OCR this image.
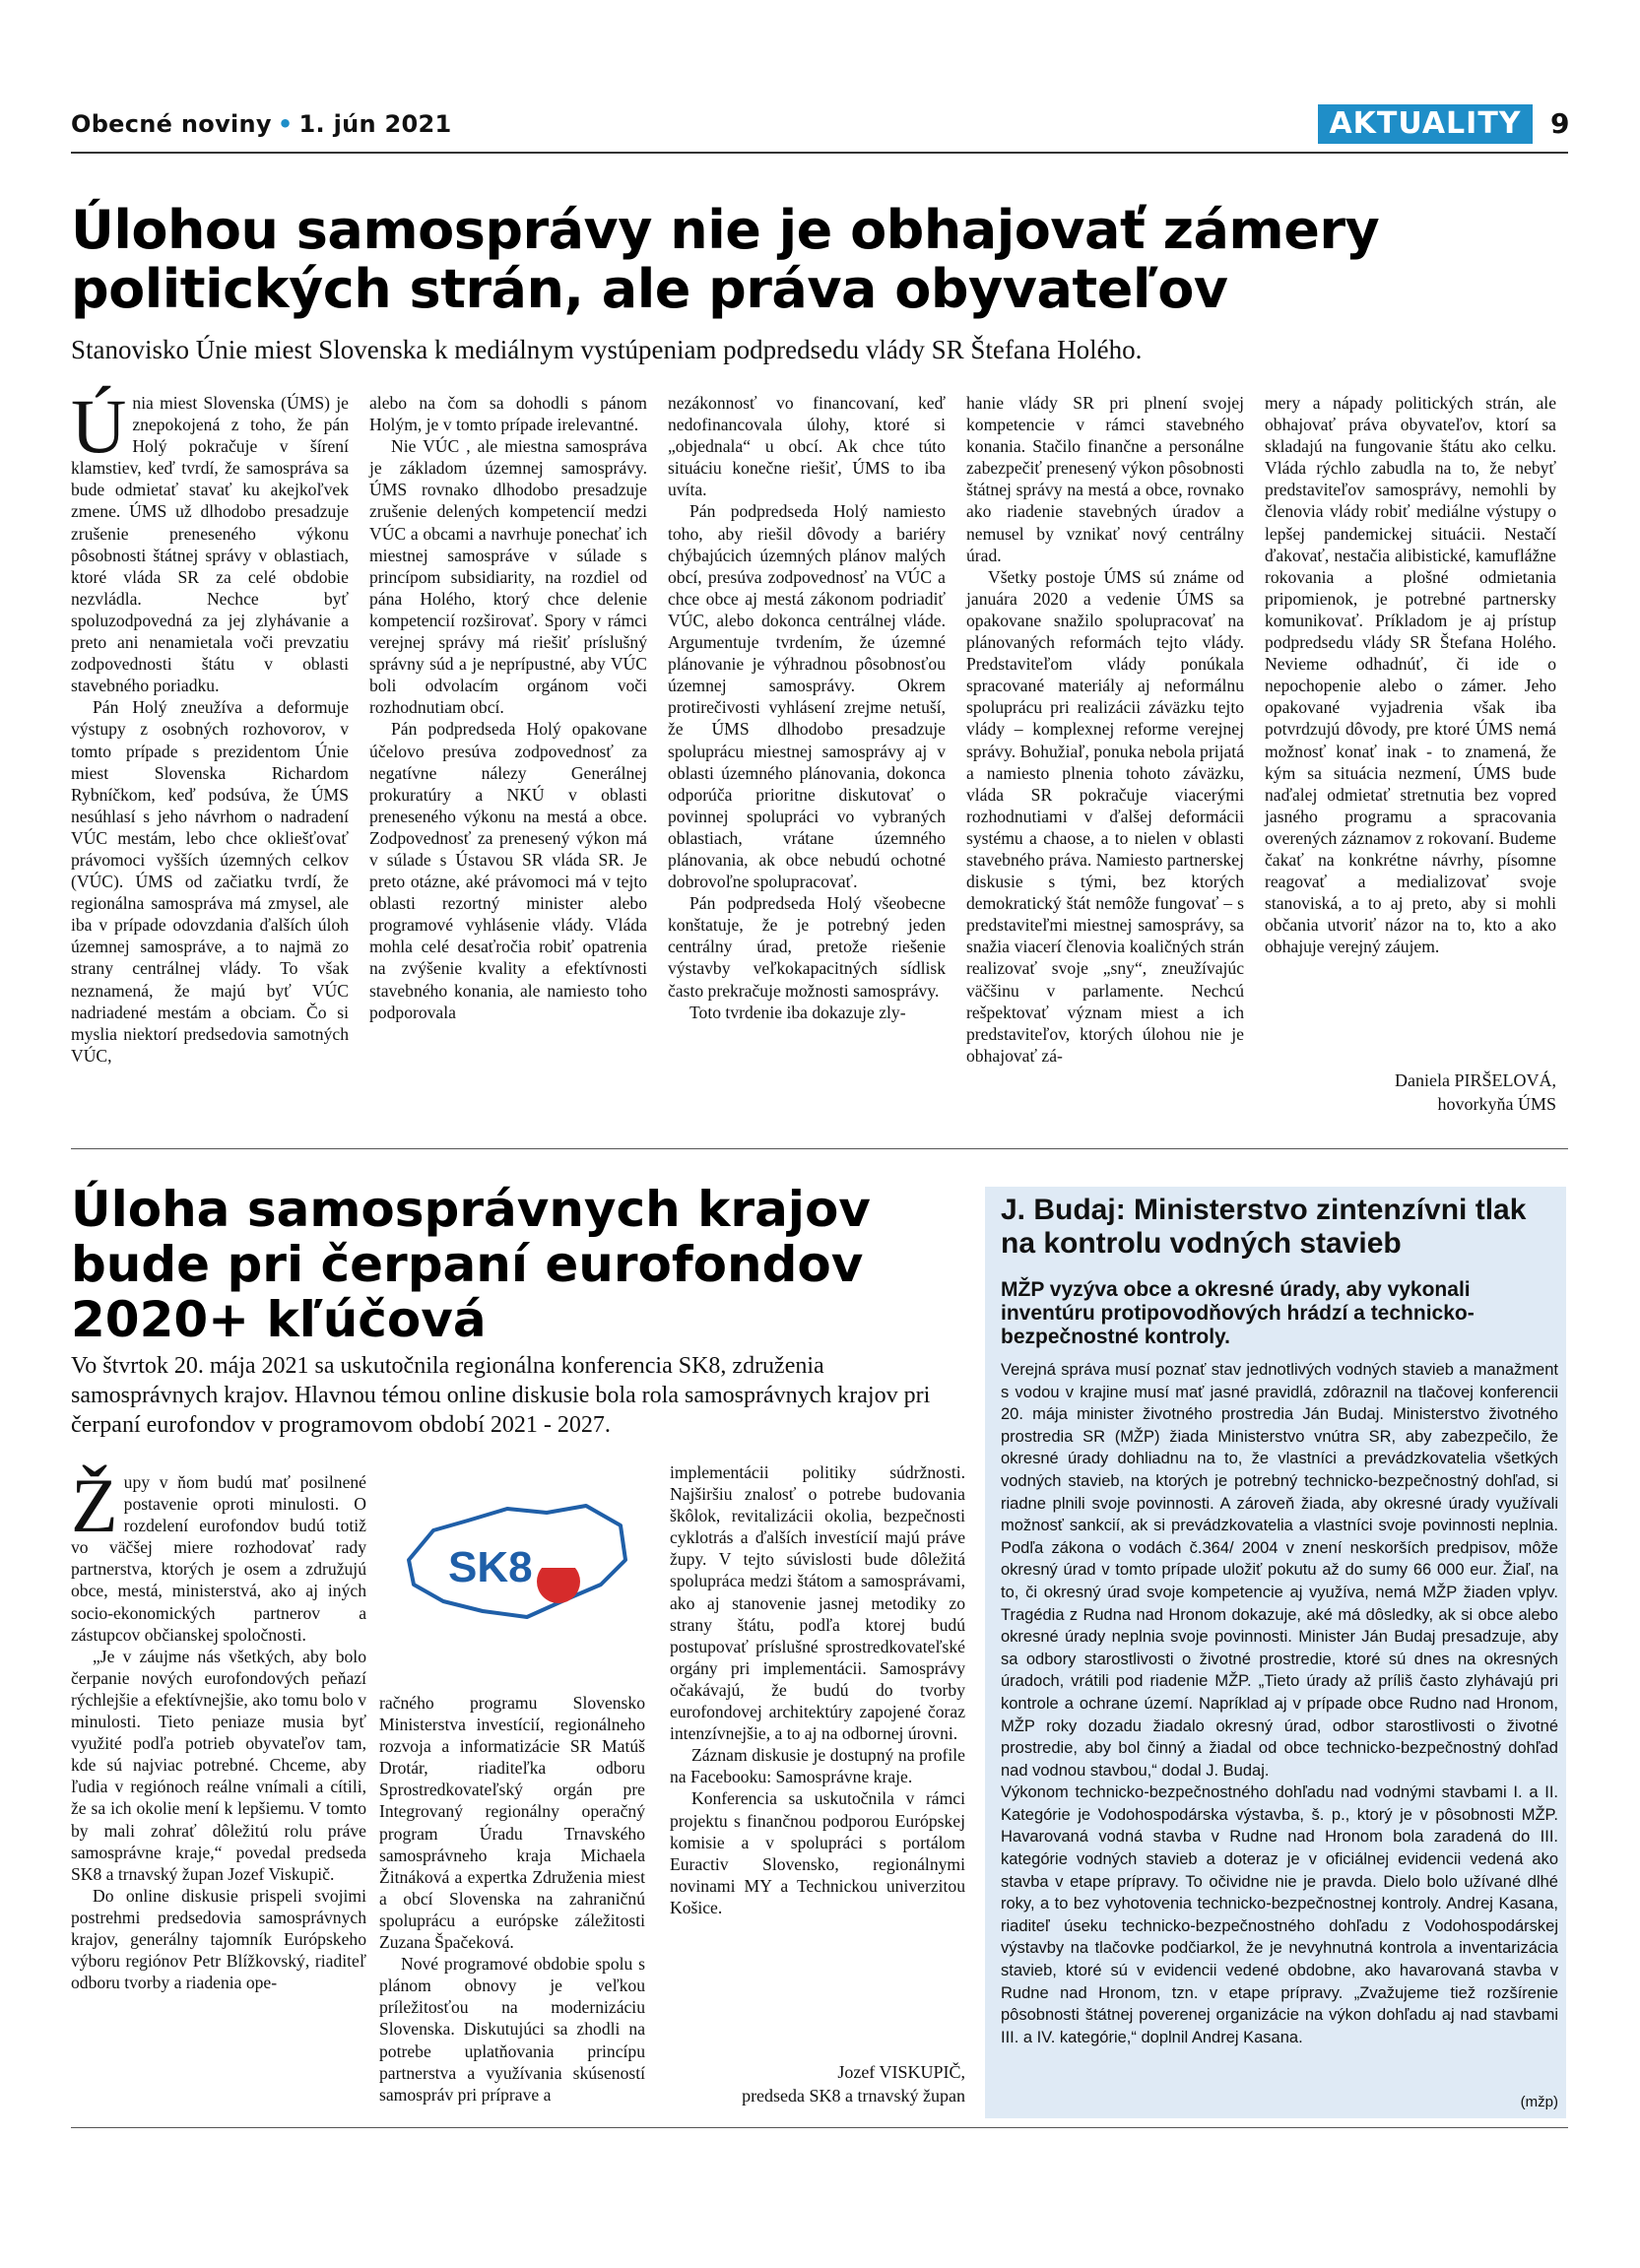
Obecné noviny • 1. jún 2021	AKTUALITY	9
Úlohou samosprávy nie je obhajovať zámery politických strán, ale práva obyvateľov
Stanovisko Únie miest Slovenska k mediálnym vystúpeniam podpredsedu vlády SR Štefana Holého.
Ú nia miest Slovenska (ÚMS) je znepokojená z toho, že pán Holý pokračuje v šírení klamstiev, keď tvrdí, že samospráva sa bude odmietať stavať ku akejkoľvek zmene. ÚMS už dlhodobo presadzuje zrušenie preneseného výkonu pôsobnosti štátnej správy v oblastiach, ktoré vláda SR za celé obdobie nezvládla. Nechce byť spoluzodpovedná za jej zlyhávanie a preto ani nenamietala voči prevzatiu zodpovednosti štátu v oblasti stavebného poriadku.

Pán Holý zneužíva a deformuje výstupy z osobných rozhovorov, v tomto prípade s prezidentom Únie miest Slovenska Richardom Rybníčkom, keď podsúva, že ÚMS nesúhlasí s jeho návrhom o nadradení VÚC mestám, lebo chce okliešťovať právomoci vyšších územných celkov (VÚC). ÚMS od začiatku tvrdí, že regionálna samospráva má zmysel, ale iba v prípade odovzdania ďalších úloh územnej samospráve, a to najmä zo strany centrálnej vlády. To však neznamená, že majú byť VÚC nadriadené mestám a obciam. Čo si myslia niektorí predsedovia samotných VÚC,

alebo na čom sa dohodli s pánom Holým, je v tomto prípade irelevantné.

Nie VÚC , ale miestna samospráva je základom územnej samosprávy. ÚMS rovnako dlhodobo presadzuje zrušenie delených kompetencií medzi VÚC a obcami a navrhuje ponechať ich miestnej samospráve v súlade s princípom subsidiarity, na rozdiel od pána Holého, ktorý chce delenie kompetencií rozširovať. Spory v rámci verejnej správy má riešiť príslušný správny súd a je neprípustné, aby VÚC boli odvolacím orgánom voči rozhodnutiam obcí.

Pán podpredseda Holý opakovane účelovo presúva zodpovednosť za negatívne nálezy Generálnej prokuratúry a NKÚ v oblasti preneseného výkonu na mestá a obce. Zodpovednosť za prenesený výkon má v súlade s Ústavou SR vláda SR. Je preto otázne, aké právomoci má v tejto oblasti rezortný minister alebo programové vyhlásenie vlády. Vláda mohla celé desaťročia robiť opatrenia na zvýšenie kvality a efektívnosti stavebného konania, ale namiesto toho podporovala

nezákonnosť vo financovaní, keď nedofinancovala úlohy, ktoré si „objednala“ u obcí. Ak chce túto situáciu konečne riešiť, ÚMS to iba uvíta.

Pán podpredseda Holý namiesto toho, aby riešil dôvody a bariéry chýbajúcich územných plánov malých obcí, presúva zodpovednosť na VÚC a chce obce aj mestá zákonom podriadiť VÚC, alebo dokonca centrálnej vláde. Argumentuje tvrdením, že územné plánovanie je výhradnou pôsobnosťou územnej samosprávy. Okrem protirečivosti vyhlásení zrejme netuší, že ÚMS dlhodobo presadzuje spoluprácu miestnej samosprávy aj v oblasti územného plánovania, dokonca odporúča prioritne diskutovať o povinnej spolupráci vo vybraných oblastiach, vrátane územného plánovania, ak obce nebudú ochotné dobrovoľne spolupracovať.

Pán podpredseda Holý všeobecne konštatuje, že je potrebný jeden centrálny úrad, pretože riešenie výstavby veľkokapacitných sídlisk často prekračuje možnosti samosprávy.

Toto tvrdenie iba dokazuje zly-

hanie vlády SR pri plnení svojej kompetencie v rámci stavebného konania. Stačilo finančne a personálne zabezpečiť prenesený výkon pôsobnosti štátnej správy na mestá a obce, rovnako ako riadenie stavebných úradov a nemusel by vznikať nový centrálny úrad.

Všetky postoje ÚMS sú známe od januára 2020 a vedenie ÚMS sa opakovane snažilo spolupracovať na plánovaných reformách tejto vlády. Predstaviteľom vlády ponúkala spracované materiály aj neformálnu spoluprácu pri realizácii záväzku tejto vlády – komplexnej reforme verejnej správy. Bohužiaľ, ponuka nebola prijatá a namiesto plnenia tohoto záväzku, vláda SR pokračuje viacerými rozhodnutiami v ďalšej deformácii systému a chaose, a to nielen v oblasti stavebného práva. Namiesto partnerskej diskusie s tými, bez ktorých demokratický štát nemôže fungovať – s predstaviteľmi miestnej samosprávy, sa snažia viacerí členovia koaličných strán realizovať svoje „sny“, zneužívajúc väčšinu v parlamente. Nechcú rešpektovať význam miest a ich predstaviteľov, ktorých úlohou nie je obhajovať zá-

mery a nápady politických strán, ale obhajovať práva obyvateľov, ktorí sa skladajú na fungovanie štátu ako celku. Vláda rýchlo zabudla na to, že nebyť predstaviteľov samosprávy, nemohli by členovia vlády robiť mediálne výstupy o lepšej pandemickej situácii. Nestačí ďakovať, nestačia alibistické, kamuflážne rokovania a plošné odmietania pripomienok, je potrebné partnersky komunikovať. Príkladom je aj prístup podpredsedu vlády SR Štefana Holého. Nevieme odhadnúť, či ide o nepochopenie alebo o zámer. Jeho opakované vyjadrenia však iba potvrdzujú dôvody, pre ktoré ÚMS nemá možnosť konať inak - to znamená, že kým sa situácia nezmení, ÚMS bude naďalej odmietať stretnutia bez vopred jasného programu a spracovania overených záznamov z rokovaní. Budeme čakať na konkrétne návrhy, písomne reagovať a medializovať svoje stanoviská, a to aj preto, aby si mohli občania utvoriť názor na to, kto a ako obhajuje verejný záujem.

Daniela PIRŠELOVÁ,
hovorkyňa ÚMS
Úloha samosprávnych krajov bude pri čerpaní eurofondov 2020+ kľúčová
Vo štvrtok 20. mája 2021 sa uskutočnila regionálna konferencia SK8, združenia samosprávnych krajov. Hlavnou témou online diskusie bola rola samosprávnych krajov pri čerpaní eurofondov v programovom období 2021 - 2027.
Ž upy v ňom budú mať posilnené postavenie oproti minulosti. O rozdelení eurofondov budú totiž vo väčšej miere rozhodovať rady partnerstva, ktorých je osem a združujú obce, mestá, ministerstvá, ako aj iných socio-ekonomických partnerov a zástupcov občianskej spoločnosti.

„Je v záujme nás všetkých, aby bolo čerpanie nových eurofondových peňazí rýchlejšie a efektívnejšie, ako tomu bolo v minulosti. Tieto peniaze musia byť využité podľa potrieb obyvateľov tam, kde sú najviac potrebné. Chceme, aby ľudia v regiónoch reálne vnímali a cítili, že sa ich okolie mení k lepšiemu. V tomto by mali zohrať dôležitú rolu práve samosprávne kraje,“ povedal predseda SK8 a trnavský župan Jozef Viskupič.

Do online diskusie prispeli svojimi postrehmi predsedovia samosprávnych krajov, generálny tajomník Európskeho výboru regiónov Petr Blížkovský, riaditeľ odboru tvorby a riadenia ope-

SK8

račného programu Slovensko Ministerstva investícií, regionálneho rozvoja a informatizácie SR Matúš Drotár, riaditeľka odboru Sprostredkovateľský orgán pre Integrovaný regionálny operačný program Úradu Trnavského samosprávneho kraja Michaela Žitnáková a expertka Združenia miest a obcí Slovenska na zahraničnú spoluprácu a európske záležitosti Zuzana Špačeková.

Nové programové obdobie spolu s plánom obnovy je veľkou príležitosťou na modernizáciu Slovenska. Diskutujúci sa zhodli na potrebe uplatňovania princípu partnerstva a využívania skúseností samospráv pri príprave a

implementácii politiky súdržnosti. Najširšiu znalosť o potrebe budovania škôlok, revitalizácii okolia, bezpečnosti cyklotrás a ďalších investícií majú práve župy. V tejto súvislosti bude dôležitá spolupráca medzi štátom a samosprávami, ako aj stanovenie jasnej metodiky zo strany štátu, podľa ktorej budú postupovať príslušné sprostredkovateľské orgány pri implementácii. Samosprávy očakávajú, že budú do tvorby eurofondovej architektúry zapojené čoraz intenzívnejšie, a to aj na odbornej úrovni.

Záznam diskusie je dostupný na profile na Facebooku: Samosprávne kraje.

Konferencia sa uskutočnila v rámci projektu s finančnou podporou Európskej komisie a v spolupráci s portálom Euractiv Slovensko, regionálnymi novinami MY a Technickou univerzitou Košice.

Jozef VISKUPIČ,
predseda SK8 a trnavský župan
J. Budaj: Ministerstvo zintenzívni tlak na kontrolu vodných stavieb
MŽP vyzýva obce a okresné úrady, aby vykonali inventúru protipovodňových hrádzí a technicko-bezpečnostné kontroly.

Verejná správa musí poznať stav jednotlivých vodných stavieb a manažment s vodou v krajine musí mať jasné pravidlá, zdôraznil na tlačovej konferencii 20. mája minister životného prostredia Ján Budaj. Ministerstvo životného prostredia SR (MŽP) žiada Ministerstvo vnútra SR, aby zabezpečilo, že okresné úrady dohliadnu na to, že vlastníci a prevádzkovatelia všetkých vodných stavieb, na ktorých je potrebný technicko-bezpečnostný dohľad, si riadne plnili svoje povinnosti. A zároveň žiada, aby okresné úrady využívali možnosť sankcií, ak si prevádzkovatelia a vlastníci svoje povinnosti neplnia. Podľa zákona o vodách č.364/ 2004 v znení neskorších predpisov, môže okresný úrad v tomto prípade uložiť pokutu až do sumy 66 000 eur. Žiaľ, na to, či okresný úrad svoje kompetencie aj využíva, nemá MŽP žiaden vplyv. Tragédia z Rudna nad Hronom dokazuje, aké má dôsledky, ak si obce alebo okresné úrady neplnia svoje povinnosti. Minister Ján Budaj presadzuje, aby sa odbory starostlivosti o životné prostredie, ktoré sú dnes na okresných úradoch, vrátili pod riadenie MŽP. „Tieto úrady až príliš často zlyhávajú pri kontrole a ochrane území. Napríklad aj v prípade obce Rudno nad Hronom, MŽP roky dozadu žiadalo okresný úrad, odbor starostlivosti o životné prostredie, aby bol činný a žiadal od obce technicko-bezpečnostný dohľad nad vodnou stavbou,“ dodal J. Budaj.

Výkonom technicko-bezpečnostného dohľadu nad vodnými stavbami I. a II. Kategórie je Vodohospodárska výstavba, š. p., ktorý je v pôsobnosti MŽP. Havarovaná vodná stavba v Rudne nad Hronom bola zaradená do III. kategórie vodných stavieb a doteraz je v oficiálnej evidencii vedená ako stavba v etape prípravy. To očividne nie je pravda. Dielo bolo užívané dlhé roky, a to bez vyhotovenia technicko-bezpečnostnej kontroly. Andrej Kasana, riaditeľ úseku technicko-bezpečnostného dohľadu z Vodohospodárskej výstavby na tlačovke podčiarkol, že je nevyhnutná kontrola a inventarizácia stavieb, ktoré sú v evidencii vedené obdobne, ako havarovaná stavba v Rudne nad Hronom, tzn. v etape prípravy. „Zvažujeme tiež rozšírenie pôsobnosti štátnej poverenej organizácie na výkon dohľadu aj nad stavbami III. a IV. kategórie,“ doplnil Andrej Kasana.

(mžp)
